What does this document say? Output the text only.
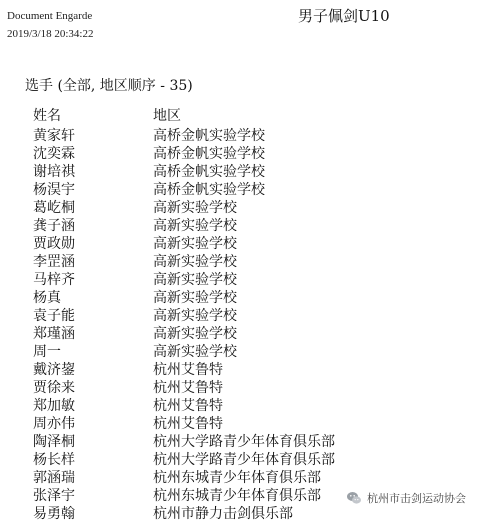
Document Engarde
2019/3/18 20:34:22
男子佩剑U10
选手 (全部, 地区顺序 - 35)
姓名	地区
黄家轩	高桥金帆实验学校
沈奕霖	高桥金帆实验学校
谢培祺	高桥金帆实验学校
杨淏宇	高桥金帆实验学校
葛屹桐	高新实验学校
龚子涵	高新实验学校
贾政勋	高新实验学校
李罡涵	高新实验学校
马梓齐	高新实验学校
杨真	高新实验学校
袁子能	高新实验学校
郑瑾涵	高新实验学校
周一	高新实验学校
戴济鋆	杭州艾鲁特
贾徐来	杭州艾鲁特
郑加敏	杭州艾鲁特
周亦伟	杭州艾鲁特
陶泽桐	杭州大学路青少年体育俱乐部
杨长样	杭州大学路青少年体育俱乐部
郭涵瑞	杭州东城青少年体育俱乐部
张泽宇	杭州东城青少年体育俱乐部
易勇翰	杭州市静力击剑俱乐部
杭州市击剑运动协会
